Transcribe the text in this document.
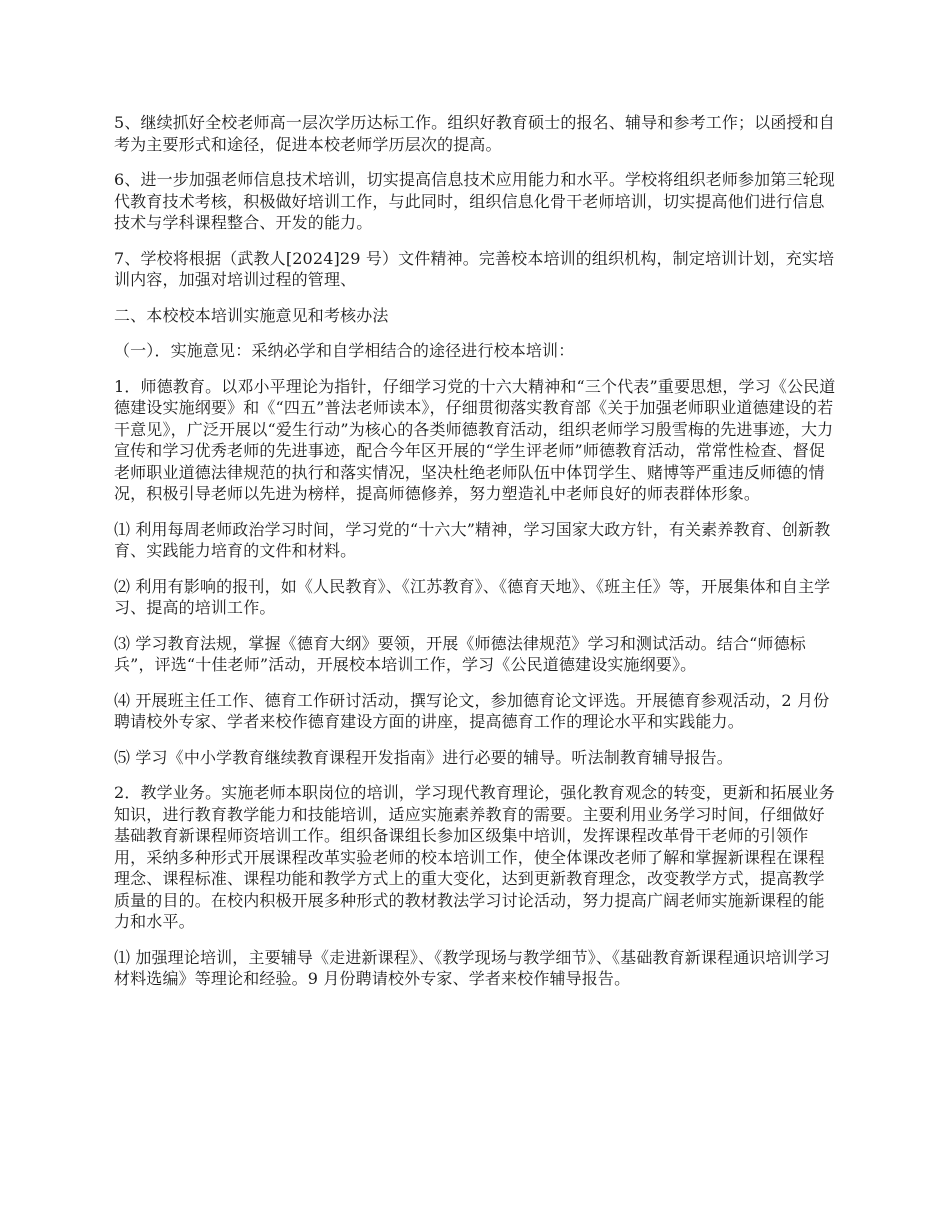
5、继续抓好全校老师高一层次学历达标工作。组织好教育硕士的报名、辅导和参考工作；以函授和自考为主要形式和途径，促进本校老师学历层次的提高。

6、进一步加强老师信息技术培训，切实提高信息技术应用能力和水平。学校将组织老师参加第三轮现代教育技术考核，积极做好培训工作，与此同时，组织信息化骨干老师培训，切实提高他们进行信息技术与学科课程整合、开发的能力。

7、学校将根据（武教人[2024]29 号）文件精神。完善校本培训的组织机构，制定培训计划，充实培训内容，加强对培训过程的管理、

二、本校校本培训实施意见和考核办法

（一）．实施意见：采纳必学和自学相结合的途径进行校本培训：

1．师德教育。以邓小平理论为指针，仔细学习党的十六大精神和“三个代表”重要思想，学习《公民道德建设实施纲要》和《“四五”普法老师读本》，仔细贯彻落实教育部《关于加强老师职业道德建设的若干意见》，广泛开展以“爱生行动”为核心的各类师德教育活动，组织老师学习殷雪梅的先进事迹，大力宣传和学习优秀老师的先进事迹，配合今年区开展的“学生评老师”师德教育活动，常常性检查、督促老师职业道德法律规范的执行和落实情况，坚决杜绝老师队伍中体罚学生、赌博等严重违反师德的情况，积极引导老师以先进为榜样，提高师德修养，努力塑造礼中老师良好的师表群体形象。

⑴ 利用每周老师政治学习时间，学习党的“十六大”精神，学习国家大政方针，有关素养教育、创新教育、实践能力培育的文件和材料。

⑵ 利用有影响的报刊，如《人民教育》、《江苏教育》、《德育天地》、《班主任》等，开展集体和自主学习、提高的培训工作。

⑶ 学习教育法规，掌握《德育大纲》要领，开展《师德法律规范》学习和测试活动。结合“师德标兵”，评选“十佳老师”活动，开展校本培训工作，学习《公民道德建设实施纲要》。

⑷ 开展班主任工作、德育工作研讨活动，撰写论文，参加德育论文评选。开展德育参观活动，2 月份聘请校外专家、学者来校作德育建设方面的讲座，提高德育工作的理论水平和实践能力。

⑸ 学习《中小学教育继续教育课程开发指南》进行必要的辅导。听法制教育辅导报告。

2．教学业务。实施老师本职岗位的培训，学习现代教育理论，强化教育观念的转变，更新和拓展业务知识，进行教育教学能力和技能培训，适应实施素养教育的需要。主要利用业务学习时间，仔细做好基础教育新课程师资培训工作。组织备课组长参加区级集中培训，发挥课程改革骨干老师的引领作用，采纳多种形式开展课程改革实验老师的校本培训工作，使全体课改老师了解和掌握新课程在课程理念、课程标准、课程功能和教学方式上的重大变化，达到更新教育理念，改变教学方式，提高教学质量的目的。在校内积极开展多种形式的教材教法学习讨论活动，努力提高广阔老师实施新课程的能力和水平。

⑴ 加强理论培训，主要辅导《走进新课程》、《教学现场与教学细节》、《基础教育新课程通识培训学习材料选编》等理论和经验。9 月份聘请校外专家、学者来校作辅导报告。
